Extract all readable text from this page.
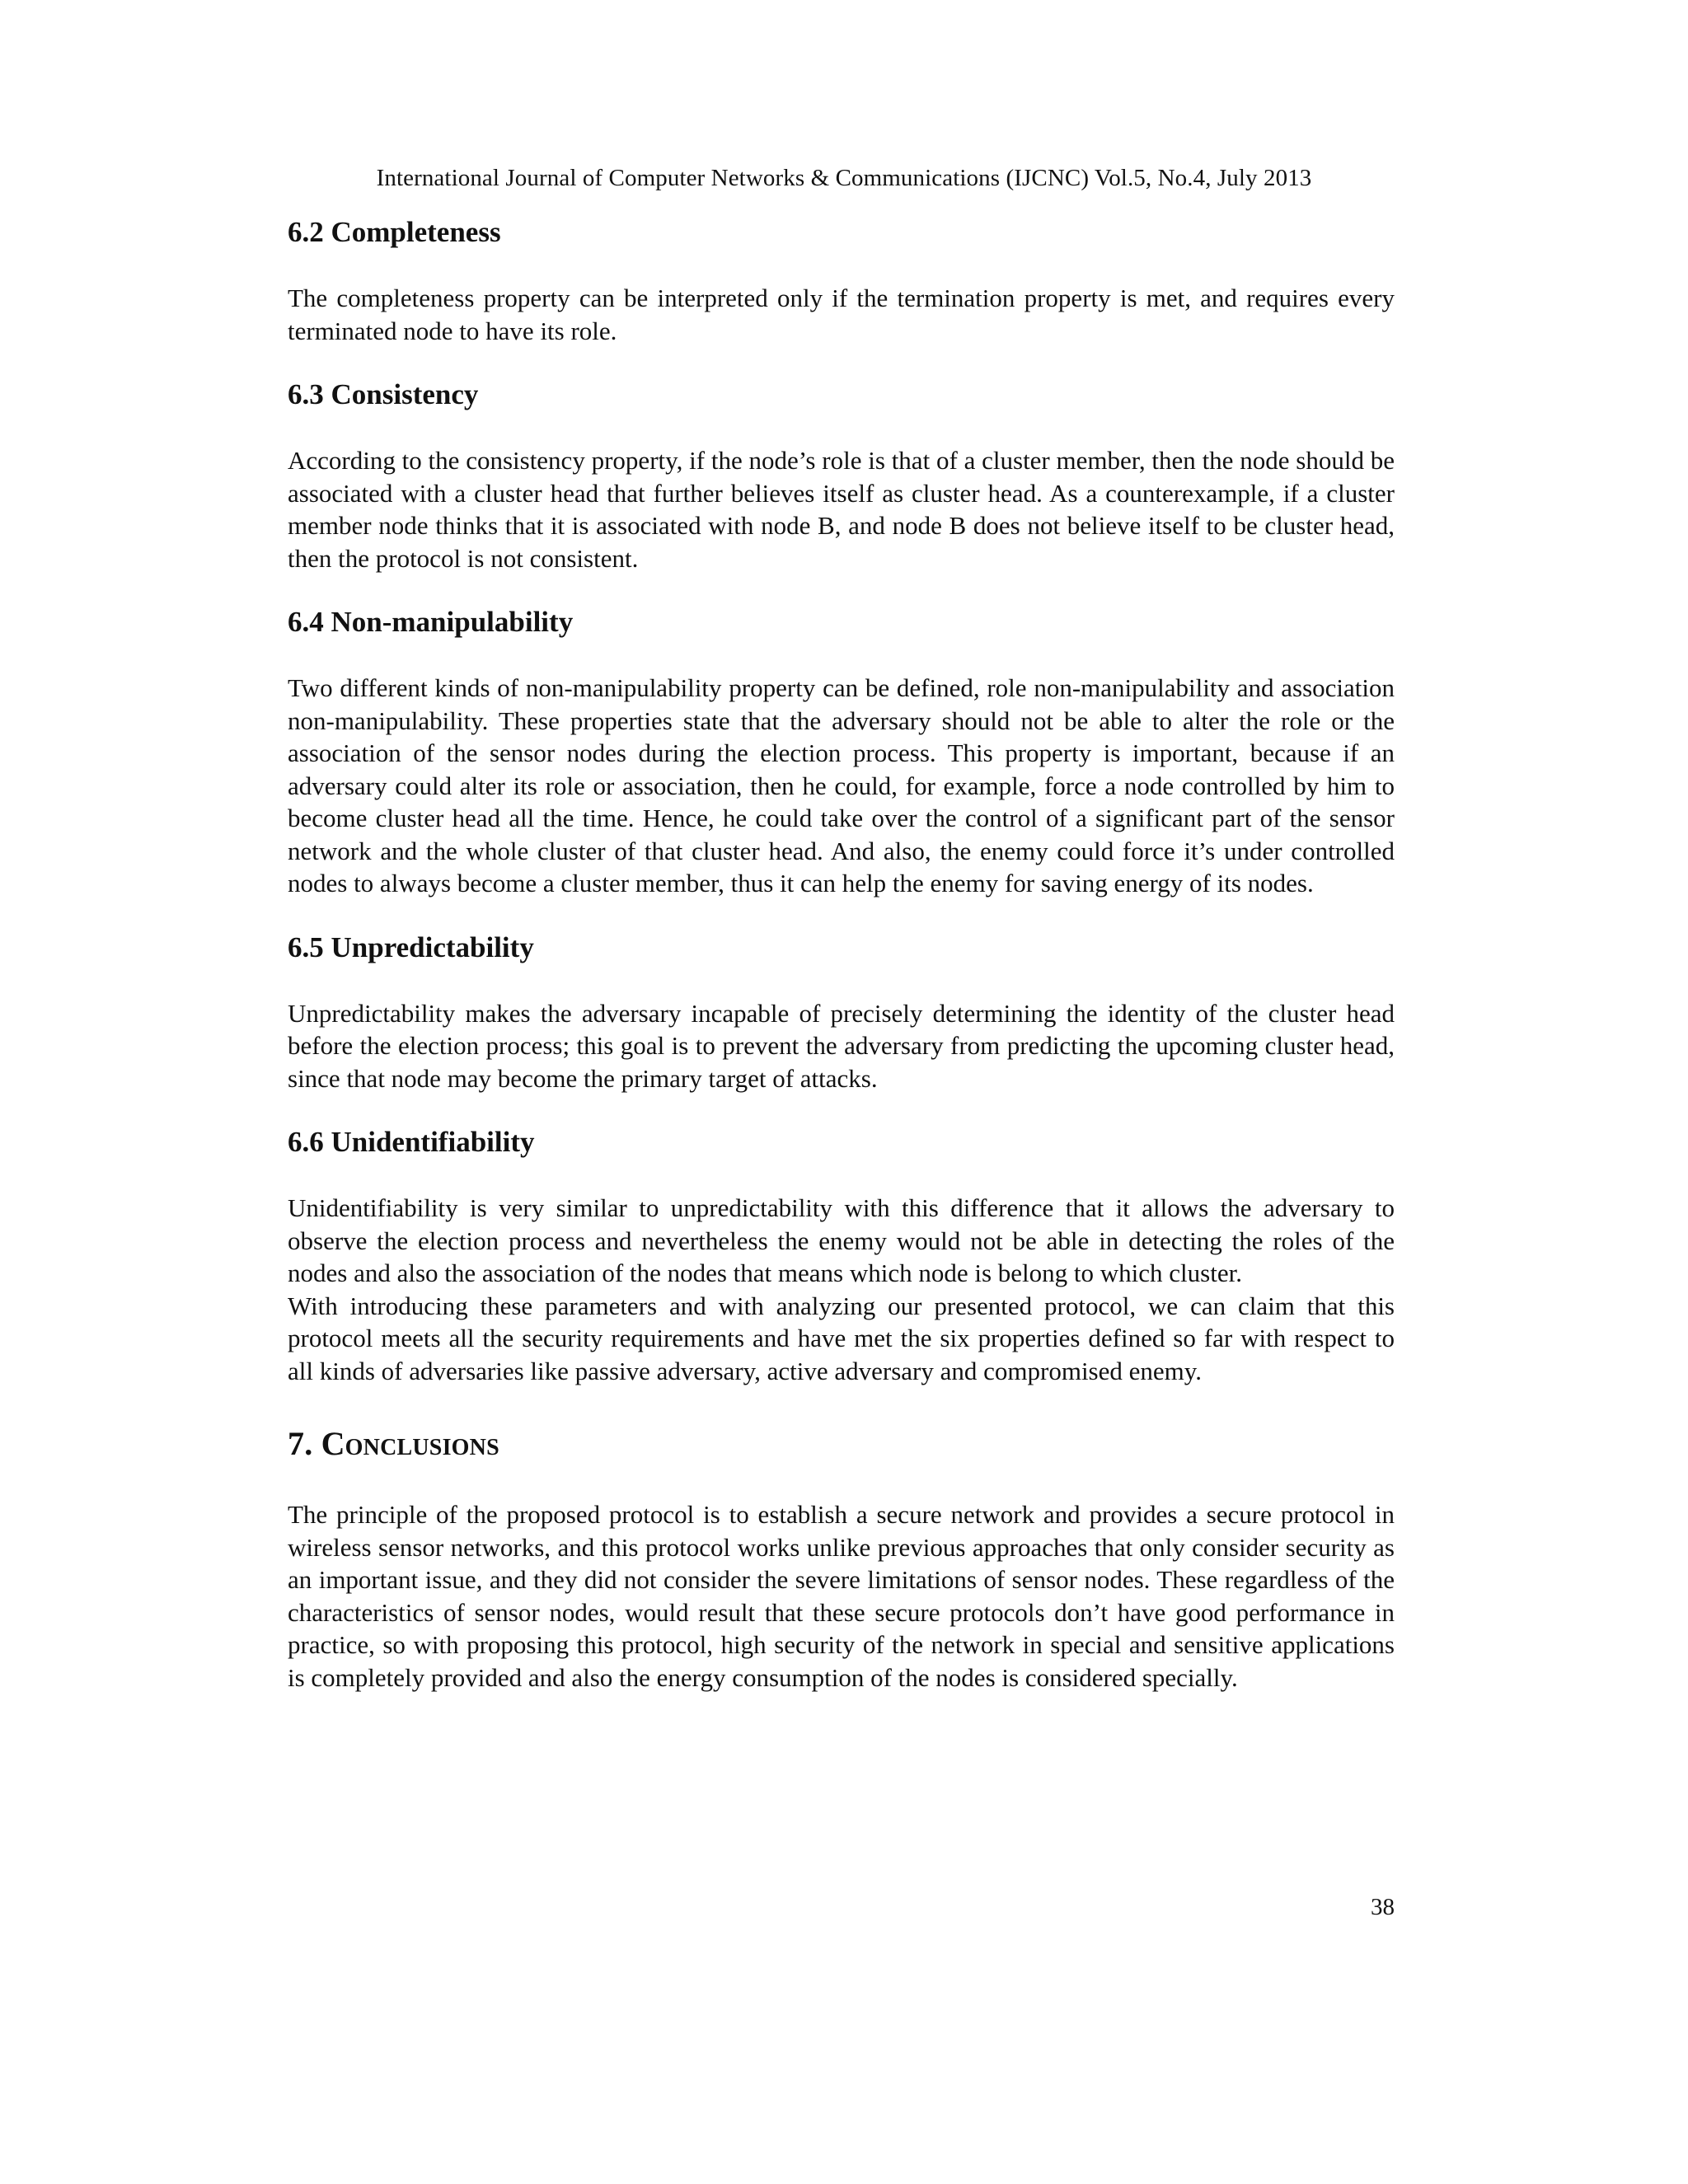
International Journal of Computer Networks & Communications (IJCNC) Vol.5, No.4, July 2013
6.2 Completeness

The completeness property can be interpreted only if the termination property is met, and requires every terminated node to have its role.

6.3 Consistency

According to the consistency property, if the node’s role is that of a cluster member, then the node should be associated with a cluster head that further believes itself as cluster head. As a counterexample, if a cluster member node thinks that it is associated with node B, and node B does not believe itself to be cluster head, then the protocol is not consistent.

6.4 Non-manipulability

Two different kinds of non-manipulability property can be defined, role non-manipulability and association non-manipulability. These properties state that the adversary should not be able to alter the role or the association of the sensor nodes during the election process. This property is important, because if an adversary could alter its role or association, then he could, for example, force a node controlled by him to become cluster head all the time. Hence, he could take over the control of a significant part of the sensor network and the whole cluster of that cluster head. And also, the enemy could force it’s under controlled nodes to always become a cluster member, thus it can help the enemy for saving energy of its nodes.

6.5 Unpredictability

Unpredictability makes the adversary incapable of precisely determining the identity of the cluster head before the election process; this goal is to prevent the adversary from predicting the upcoming cluster head, since that node may become the primary target of attacks.

6.6 Unidentifiability

Unidentifiability is very similar to unpredictability with this difference that it allows the adversary to observe the election process and nevertheless the enemy would not be able in detecting the roles of the nodes and also the association of the nodes that means which node is belong to which cluster.

With introducing these parameters and with analyzing our presented protocol, we can claim that this protocol meets all the security requirements and have met the six properties defined so far with respect to all kinds of adversaries like passive adversary, active adversary and compromised enemy.

7. Conclusions

The principle of the proposed protocol is to establish a secure network and provides a secure protocol in wireless sensor networks, and this protocol works unlike previous approaches that only consider security as an important issue, and they did not consider the severe limitations of sensor nodes. These regardless of the characteristics of sensor nodes, would result that these secure protocols don’t have good performance in practice, so with proposing this protocol, high security of the network in special and sensitive applications is completely provided and also the energy consumption of the nodes is considered specially.

38
